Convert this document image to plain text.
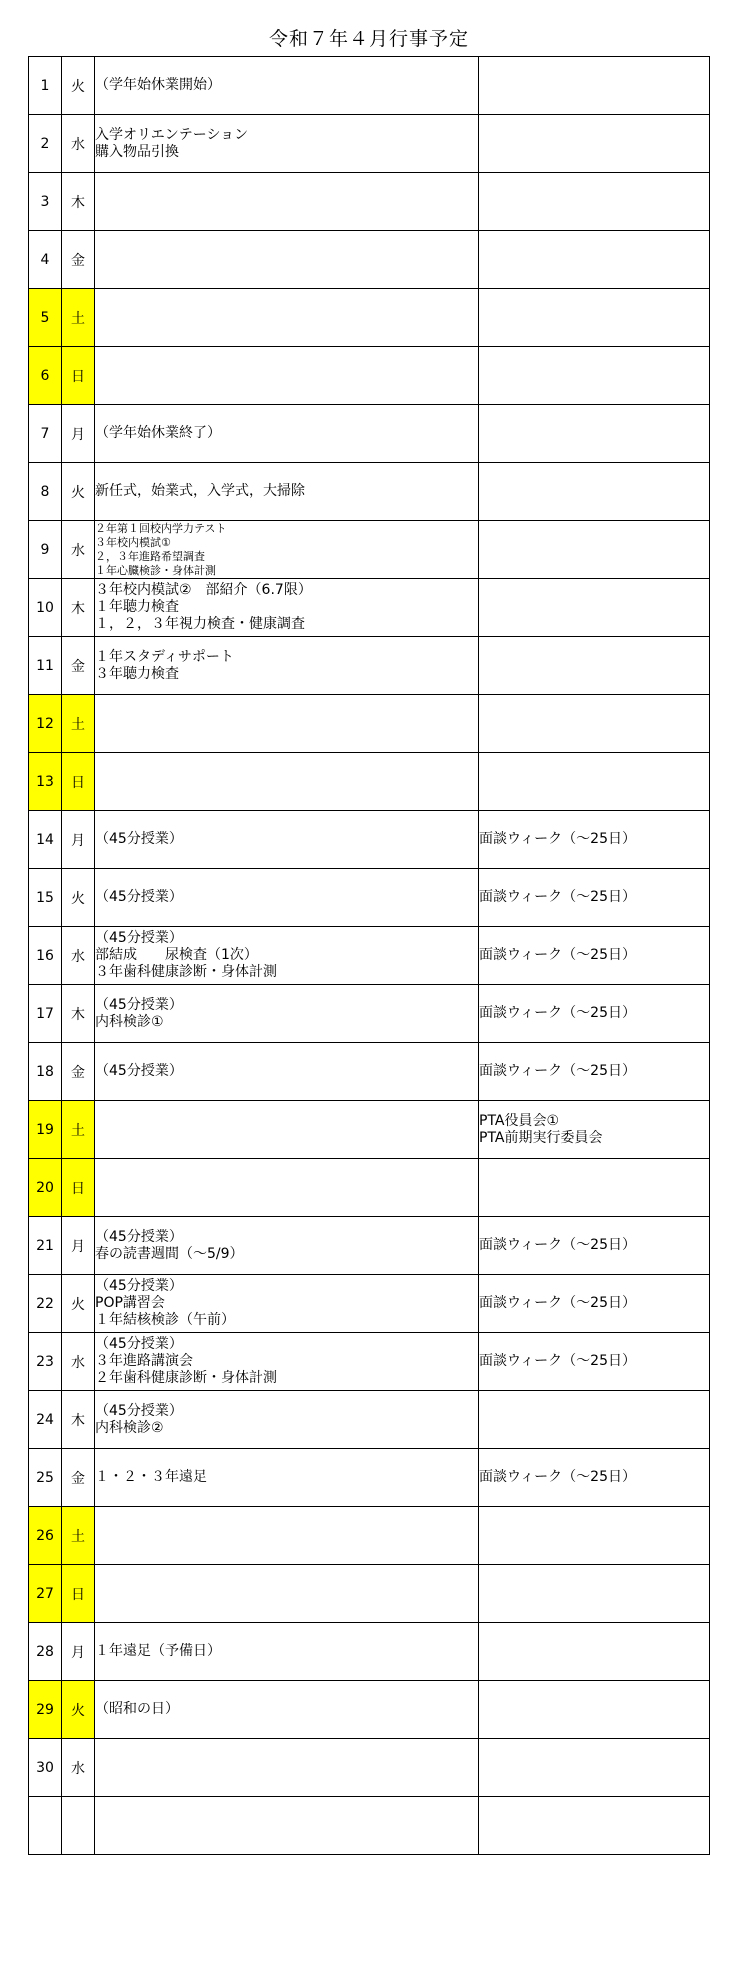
令和７年４月行事予定
1	火	（学年始休業開始）	

2	水	入学オリエンテーション
購入物品引換	

3	木		
4	金		
5	土		
6	日		
7	月	（学年始休業終了）	

8	火	新任式，始業式，入学式，大掃除	

9	水	２年第１回校内学力テスト
３年校内模試①
２，３年進路希望調査
１年心臓検診・身体計測	

10	木	３年校内模試②　部紹介（6.7限）
１年聴力検査
１，２，３年視力検査・健康調査	

11	金	１年スタディサポート
３年聴力検査	

12	土		
13	日		
14	月	（45分授業）	面談ウィーク（～25日）

15	火	（45分授業）	面談ウィーク（～25日）

16	水	（45分授業）
部結成　　尿検査（1次）
３年歯科健康診断・身体計測	面談ウィーク（～25日）

17	木	（45分授業）
内科検診①	面談ウィーク（～25日）

18	金	（45分授業）	面談ウィーク（～25日）

19	土		PTA役員会①
PTA前期実行委員会

20	日		
21	月	（45分授業）
春の読書週間（～5/9）	面談ウィーク（～25日）

22	火	（45分授業）
POP講習会
１年結核検診（午前）	面談ウィーク（～25日）

23	水	（45分授業）
３年進路講演会
２年歯科健康診断・身体計測	面談ウィーク（～25日）

24	木	（45分授業）
内科検診②	

25	金	１・２・３年遠足	面談ウィーク（～25日）

26	土		
27	日		
28	月	１年遠足（予備日）	

29	火	（昭和の日）	

30	水		
